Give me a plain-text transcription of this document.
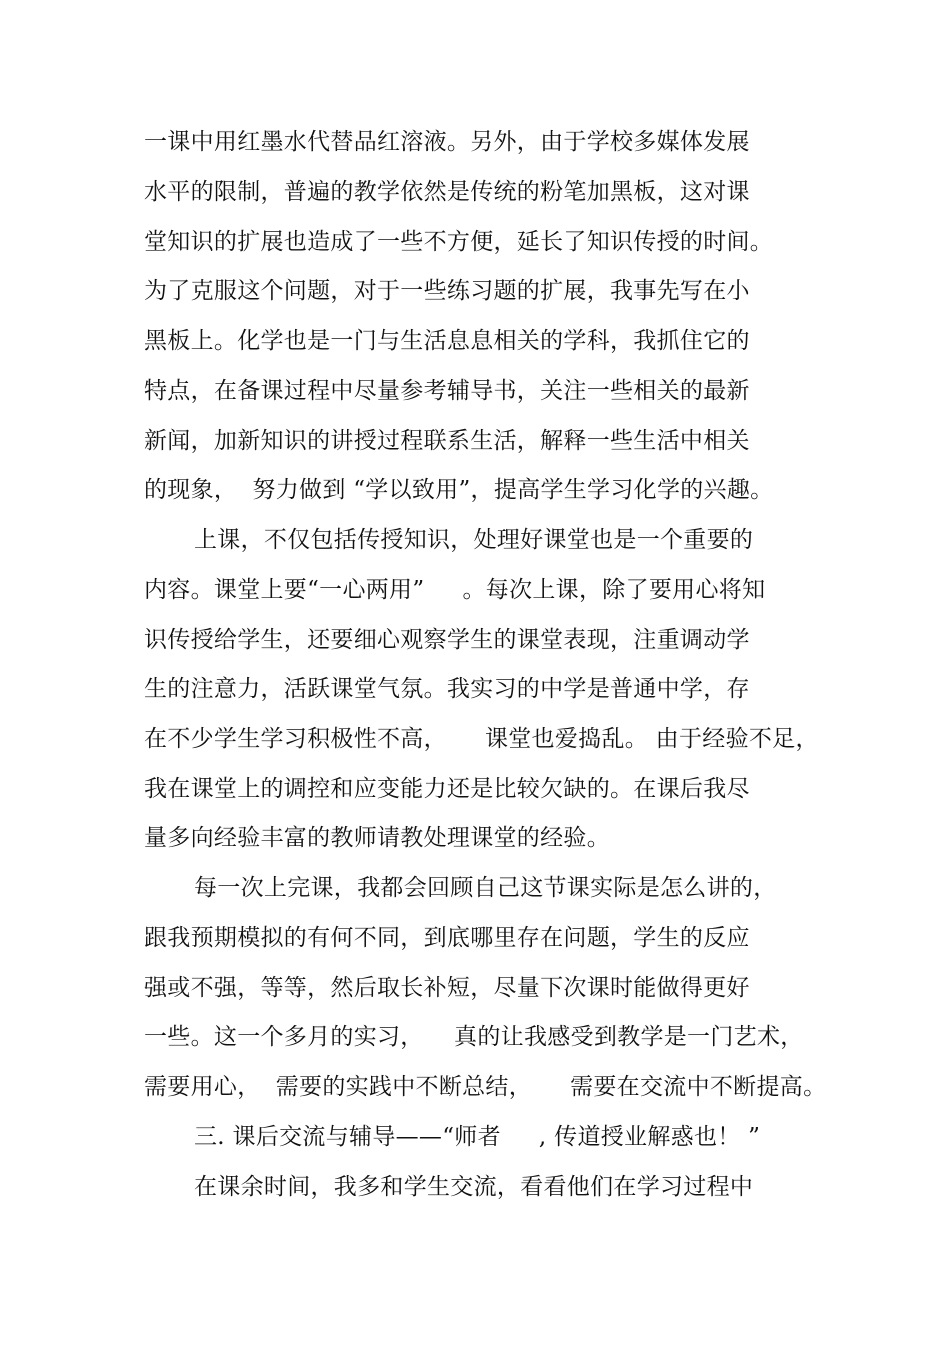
一课中用红墨水代替品红溶液。另外，由于学校多媒体发展
水平的限制，普遍的教学依然是传统的粉笔加黑板，这对课
堂知识的扩展也造成了一些不方便，延长了知识传授的时间。
为了克服这个问题，对于一些练习题的扩展，我事先写在小
黑板上。化学也是一门与生活息息相关的学科，我抓住它的
特点，在备课过程中尽量参考辅导书，关注一些相关的最新
新闻，加新知识的讲授过程联系生活，解释一些生活中相关
的现象，  努力做到 “学以致用”，提高学生学习化学的兴趣。
上课，不仅包括传授知识，处理好课堂也是一个重要的
内容。课堂上要“一心两用”     。每次上课，除了要用心将知
识传授给学生，还要细心观察学生的课堂表现，注重调动学
生的注意力，活跃课堂气氛。我实习的中学是普通中学，存
在不少学生学习积极性不高，     课堂也爱捣乱。 由于经验不足，
我在课堂上的调控和应变能力还是比较欠缺的。在课后我尽
量多向经验丰富的教师请教处理课堂的经验。
每一次上完课，我都会回顾自己这节课实际是怎么讲的，
跟我预期模拟的有何不同，到底哪里存在问题，学生的反应
强或不强，等等，然后取长补短，尽量下次课时能做得更好
一些。这一个多月的实习，    真的让我感受到教学是一门艺术，
需要用心，  需要的实践中不断总结，     需要在交流中不断提高。
三. 课后交流与辅导——“师者     , 传道授业解惑也！ ”
在课余时间，我多和学生交流，看看他们在学习过程中
